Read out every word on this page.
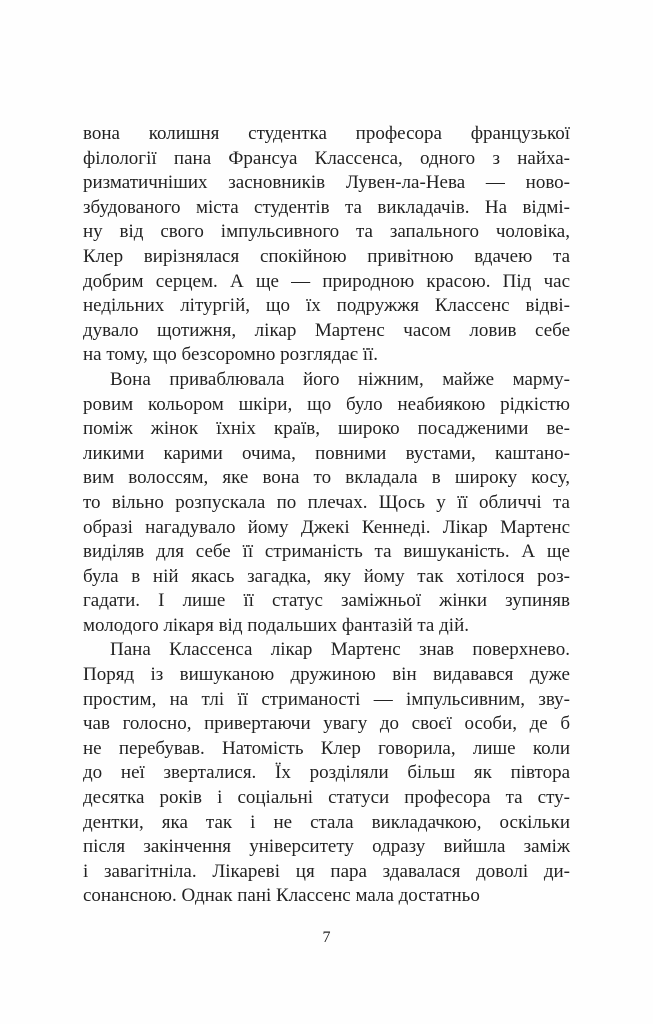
вона колишня студентка професора французької
філології пана Франсуа Классенса, одного з найха-
ризматичніших засновників Лувен-ла-Нева — ново-
збудованого міста студентів та викладачів. На відмі-
ну від свого імпульсивного та запального чоловіка,
Клер вирізнялася спокійною привітною вдачею та
добрим серцем. А ще — природною красою. Під час
недільних літургій, що їх подружжя Классенс відві-
дувало щотижня, лікар Мартенс часом ловив себе
на тому, що безсоромно розглядає її.

Вона приваблювала його ніжним, майже марму-
ровим кольором шкіри, що було неабиякою рідкістю
поміж жінок їхніх країв, широко посадженими ве-
ликими карими очима, повними вустами, каштано-
вим волоссям, яке вона то вкладала в широку косу,
то вільно розпускала по плечах. Щось у її обличчі та
образі нагадувало йому Джекі Кеннеді. Лікар Мартенс
виділяв для себе її стриманість та вишуканість. А ще
була в ній якась загадка, яку йому так хотілося роз-
гадати. І лише її статус заміжньої жінки зупиняв
молодого лікаря від подальших фантазій та дій.

Пана Классенса лікар Мартенс знав поверхнево.
Поряд із вишуканою дружиною він видавався дуже
простим, на тлі її стриманості — імпульсивним, зву-
чав голосно, привертаючи увагу до своєї особи, де б
не перебував. Натомість Клер говорила, лише коли
до неї зверталися. Їх розділяли більш як півтора
десятка років і соціальні статуси професора та сту-
дентки, яка так і не стала викладачкою, оскільки
після закінчення університету одразу вийшла заміж
і завагітніла. Лікареві ця пара здавалася доволі ди-
сонансною. Однак пані Классенс мала достатньо

7
